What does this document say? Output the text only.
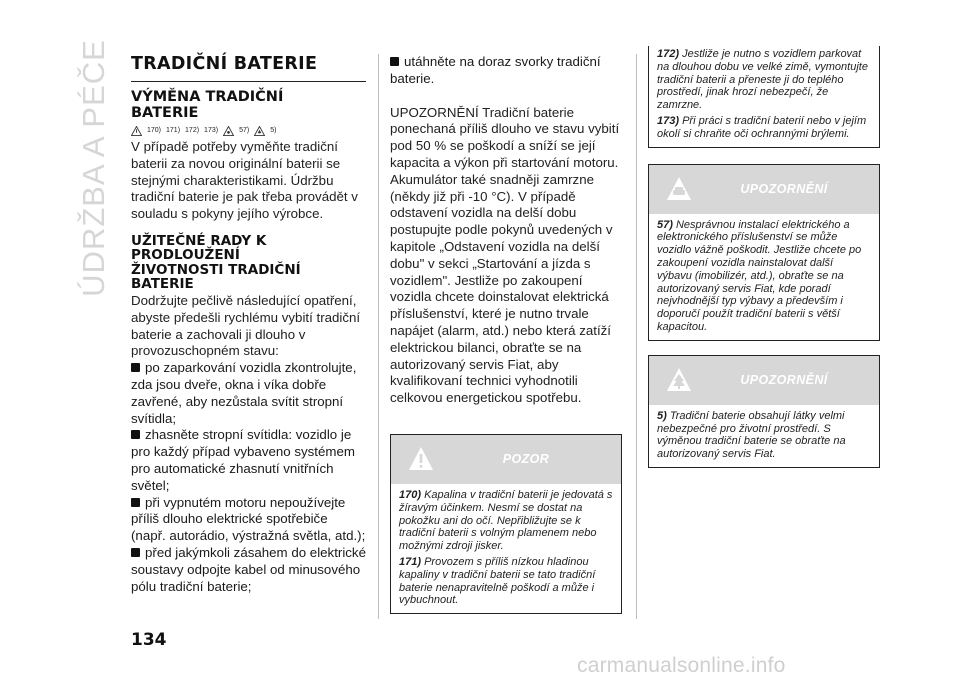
ÚDRŽBA A PÉČE TRADIČNÍ BATERIE
VÝMĚNA TRADIČNÍ BATERIE
170) 171) 172) 173)	57)	5)

V případě potřeby vyměňte tradiční baterii za novou originální baterii se stejnými charakteristikami. Údržbu tradiční baterie je pak třeba provádět v souladu s pokyny jejího výrobce.

UŽITEČNÉ RADY K PRODLOUŽENÍ ŽIVOTNOSTI TRADIČNÍ BATERIE

Dodržujte pečlivě následující opatření, abyste předešli rychlému vybití tradiční baterie a zachovali ji dlouho v provozuschopném stavu:

po zaparkování vozidla zkontrolujte, zda jsou dveře, okna i víka dobře zavřené, aby nezůstala svítit stropní svítidla;
zhasněte stropní svítidla: vozidlo je pro každý případ vybaveno systémem pro automatické zhasnutí vnitřních světel;
při vypnutém motoru nepoužívejte příliš dlouho elektrické spotřebiče (např. autorádio, výstražná světla, atd.);
před jakýmkoli zásahem do elektrické soustavy odpojte kabel od minusového pólu tradiční baterie;
utáhněte na doraz svorky tradiční baterie.

UPOZORNĚNÍ Tradiční baterie ponechaná příliš dlouho ve stavu vybití pod 50 % se poškodí a sníží se její kapacita a výkon při startování motoru. Akumulátor také snadněji zamrzne (někdy již při -10 °C). V případě odstavení vozidla na delší dobu postupujte podle pokynů uvedených v kapitole „Odstavení vozidla na delší dobu" v sekci „Startování a jízda s vozidlem". Jestliže po zakoupení vozidla chcete doinstalovat elektrická příslušenství, které je nutno trvale napájet (alarm, atd.) nebo která zatíží elektrickou bilanci, obraťte se na autorizovaný servis Fiat, aby kvalifikovaní technici vyhodnotili celkovou energetickou spotřebu.

POZOR

170) Kapalina v tradiční baterii je jedovatá s žíravým účinkem. Nesmí se dostat na pokožku ani do očí. Nepřibližujte se k tradiční baterii s volným plamenem nebo možnými zdroji jisker.

171) Provozem s příliš nízkou hladinou kapaliny v tradiční baterii se tato tradiční baterie nenapravitelně poškodí a může i vybuchnout.

172) Jestliže je nutno s vozidlem parkovat na dlouhou dobu ve velké zimě, vymontujte tradiční baterii a přeneste ji do teplého prostředí, jinak hrozí nebezpečí, že zamrzne.

173) Při práci s tradiční baterií nebo v jejím okolí si chraňte oči ochrannými brýlemi.

UPOZORNĚNÍ

57) Nesprávnou instalací elektrického a elektronického příslušenství se může vozidlo vážně poškodit. Jestliže chcete po zakoupení vozidla nainstalovat další výbavu (imobilizér, atd.), obraťte se na autorizovaný servis Fiat, kde poradí nejvhodnější typ výbavy a především i doporučí použít tradiční baterii s větší kapacitou.

UPOZORNĚNÍ

5) Tradiční baterie obsahují látky velmi nebezpečné pro životní prostředí. S výměnou tradiční baterie se obraťte na autorizovaný servis Fiat.

134
carmanualsonline.info
